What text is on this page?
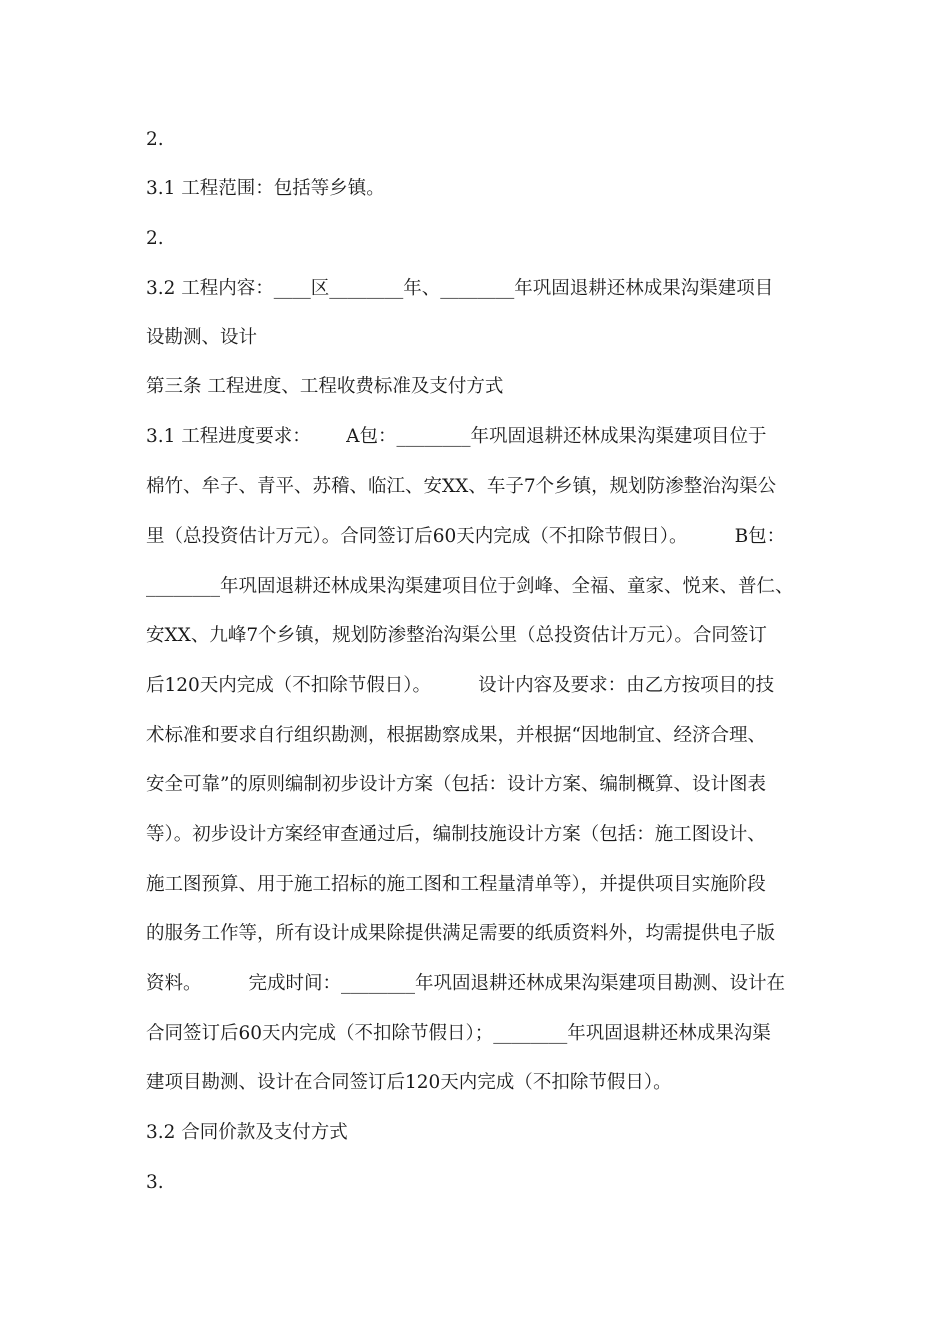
2.
3.1 工程范围：包括等乡镇。
2.
3.2 工程内容：____区________年、________年巩固退耕还林成果沟渠建项目
设勘测、设计
第三条 工程进度、工程收费标准及支付方式
3.1 工程进度要求：      A包：________年巩固退耕还林成果沟渠建项目位于
棉竹、牟子、青平、苏稽、临江、安XX、车子7个乡镇，规划防渗整治沟渠公
里（总投资估计万元）。合同签订后60天内完成（不扣除节假日）。        B包：
________年巩固退耕还林成果沟渠建项目位于剑峰、全福、童家、悦来、普仁、
安XX、九峰7个乡镇，规划防渗整治沟渠公里（总投资估计万元）。合同签订
后120天内完成（不扣除节假日）。        设计内容及要求：由乙方按项目的技
术标准和要求自行组织勘测，根据勘察成果，并根据“因地制宜、经济合理、
安全可靠”的原则编制初步设计方案（包括：设计方案、编制概算、设计图表
等）。初步设计方案经审查通过后，编制技施设计方案（包括：施工图设计、
施工图预算、用于施工招标的施工图和工程量清单等），并提供项目实施阶段
的服务工作等，所有设计成果除提供满足需要的纸质资料外，均需提供电子版
资料。        完成时间：________年巩固退耕还林成果沟渠建项目勘测、设计在
合同签订后60天内完成（不扣除节假日）；________年巩固退耕还林成果沟渠
建项目勘测、设计在合同签订后120天内完成（不扣除节假日）。
3.2 合同价款及支付方式
3.
